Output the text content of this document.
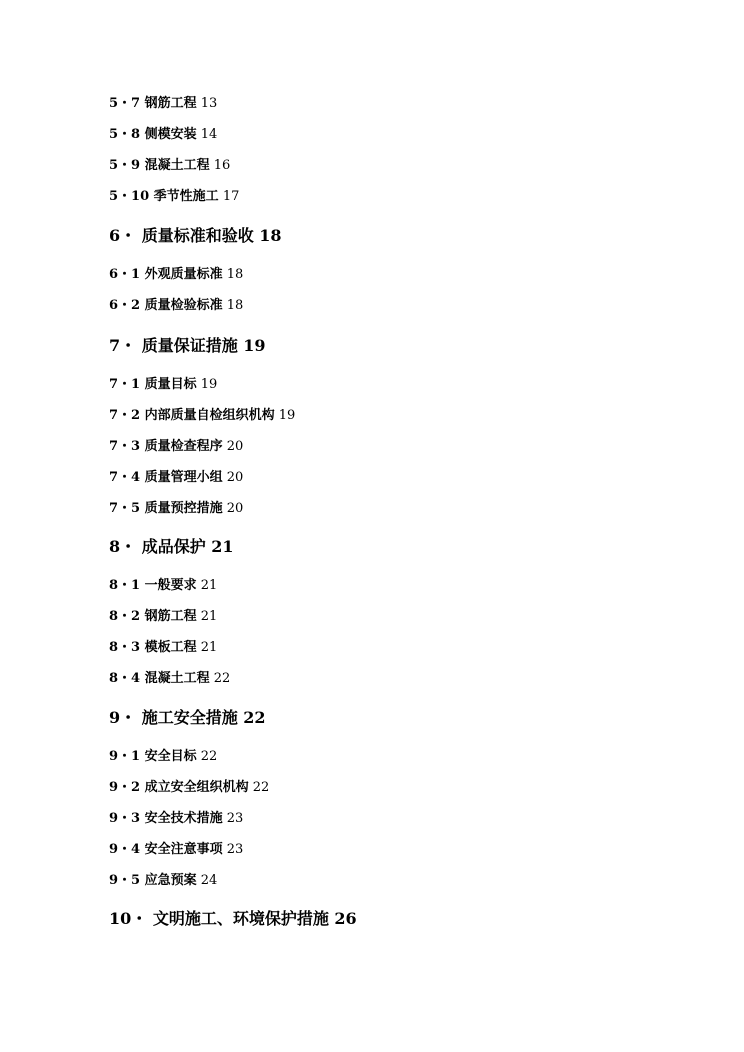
5・7 钢筋工程 13
5・8 侧模安装 14
5・9 混凝土工程 16
5・10 季节性施工 17
6・ 质量标准和验收 18
6・1 外观质量标准 18
6・2 质量检验标准 18
7・ 质量保证措施 19
7・1 质量目标 19
7・2 内部质量自检组织机构 19
7・3 质量检查程序 20
7・4 质量管理小组 20
7・5 质量预控措施 20
8・ 成品保护 21
8・1 一般要求 21
8・2 钢筋工程 21
8・3 模板工程 21
8・4 混凝土工程 22
9・ 施工安全措施 22
9・1 安全目标 22
9・2 成立安全组织机构 22
9・3 安全技术措施 23
9・4 安全注意事项 23
9・5 应急预案 24
10・ 文明施工、环境保护措施 26
